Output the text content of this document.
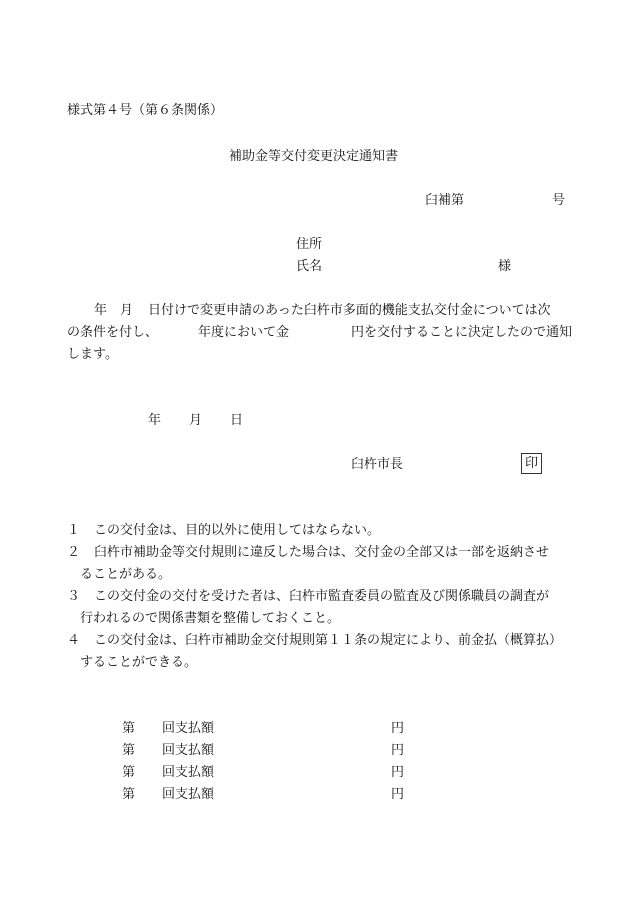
様式第４号（第６条関係）
補助金等交付変更決定通知書
臼補第	号
住所
氏名	様
年 月 日付けで変更申請のあった臼杵市多面的機能支払交付金については次
の条件を付し、	年度において金	円を交付することに決定したので通知
します。
年 月 日
臼杵市長	印
１ この交付金は、目的以外に使用してはならない。
２ 臼杵市補助金等交付規則に違反した場合は、交付金の全部又は一部を返納させ
ることがある。
３ この交付金の交付を受けた者は、臼杵市監査委員の監査及び関係職員の調査が
行われるので関係書類を整備しておくこと。
４ この交付金は、臼杵市補助金交付規則第１１条の規定により、前金払（概算払）
することができる。
第 回支払額	円
第 回支払額	円
第 回支払額	円
第 回支払額	円
